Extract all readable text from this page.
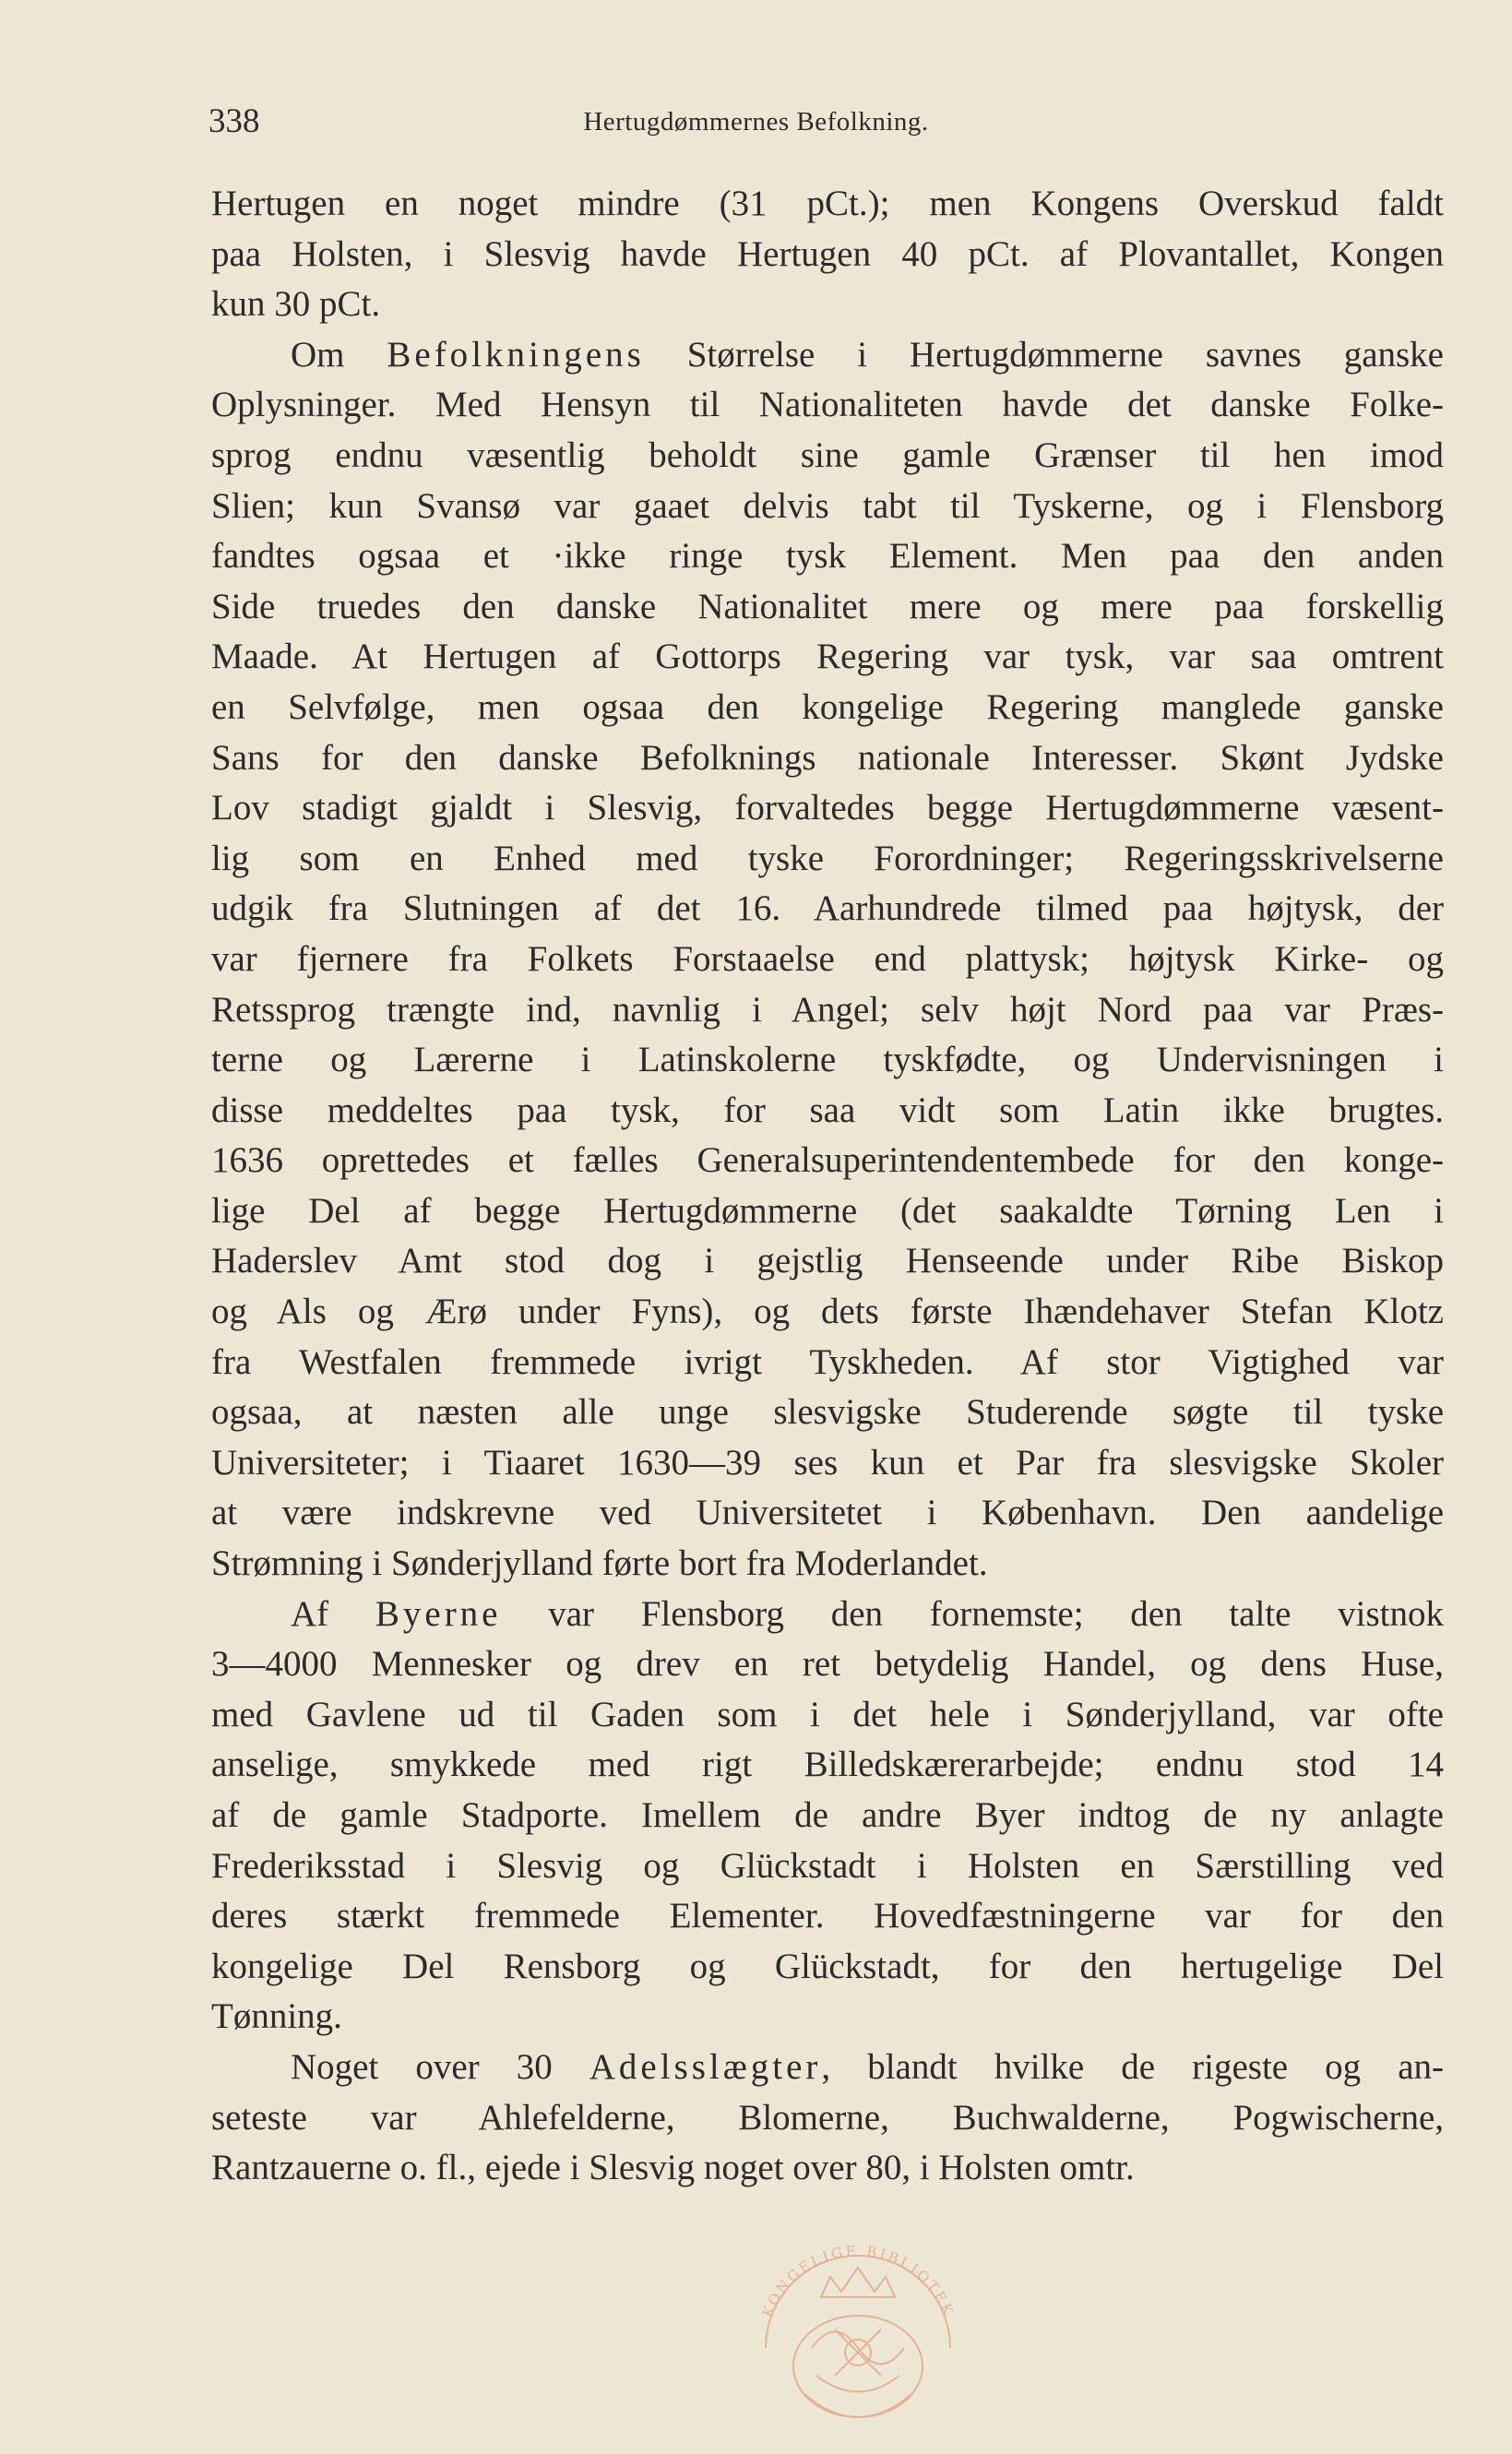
338	Hertugdømmernes Befolkning.
Hertugen en noget mindre (31 pCt.); men Kongens Overskud faldt
paa Holsten, i Slesvig havde Hertugen 40 pCt. af Plovantallet, Kongen
kun 30 pCt.
Om Befolkningens Størrelse i Hertugdømmerne savnes ganske
Oplysninger. Med Hensyn til Nationaliteten havde det danske Folke-
sprog endnu væsentlig beholdt sine gamle Grænser til hen imod
Slien; kun Svansø var gaaet delvis tabt til Tyskerne, og i Flensborg
fandtes ogsaa et ·ikke ringe tysk Element. Men paa den anden
Side truedes den danske Nationalitet mere og mere paa forskellig
Maade. At Hertugen af Gottorps Regering var tysk, var saa omtrent
en Selvfølge, men ogsaa den kongelige Regering manglede ganske
Sans for den danske Befolknings nationale Interesser. Skønt Jydske
Lov stadigt gjaldt i Slesvig, forvaltedes begge Hertugdømmerne væsent-
lig som en Enhed med tyske Forordninger; Regeringsskrivelserne
udgik fra Slutningen af det 16. Aarhundrede tilmed paa højtysk, der
var fjernere fra Folkets Forstaaelse end plattysk; højtysk Kirke- og
Retssprog trængte ind, navnlig i Angel; selv højt Nord paa var Præs-
terne og Lærerne i Latinskolerne tyskfødte, og Undervisningen i
disse meddeltes paa tysk, for saa vidt som Latin ikke brugtes.
1636 oprettedes et fælles Generalsuperintendentembede for den konge-
lige Del af begge Hertugdømmerne (det saakaldte Tørning Len i
Haderslev Amt stod dog i gejstlig Henseende under Ribe Biskop
og Als og Ærø under Fyns), og dets første Ihændehaver Stefan Klotz
fra Westfalen fremmede ivrigt Tyskheden. Af stor Vigtighed var
ogsaa, at næsten alle unge slesvigske Studerende søgte til tyske
Universiteter; i Tiaaret 1630—39 ses kun et Par fra slesvigske Skoler
at være indskrevne ved Universitetet i København. Den aandelige
Strømning i Sønderjylland førte bort fra Moderlandet.
Af Byerne var Flensborg den fornemste; den talte vistnok
3—4000 Mennesker og drev en ret betydelig Handel, og dens Huse,
med Gavlene ud til Gaden som i det hele i Sønderjylland, var ofte
anselige, smykkede med rigt Billedskærerarbejde; endnu stod 14
af de gamle Stadporte. Imellem de andre Byer indtog de ny anlagte
Frederiksstad i Slesvig og Glückstadt i Holsten en Særstilling ved
deres stærkt fremmede Elementer. Hovedfæstningerne var for den
kongelige Del Rensborg og Glückstadt, for den hertugelige Del
Tønning.
Noget over 30 Adelsslægter, blandt hvilke de rigeste og an-
seteste var Ahlefelderne, Blomerne, Buchwalderne, Pogwischerne,
Rantzauerne o. fl., ejede i Slesvig noget over 80, i Holsten omtr.
KONGELIGE BIBLIOTEK
